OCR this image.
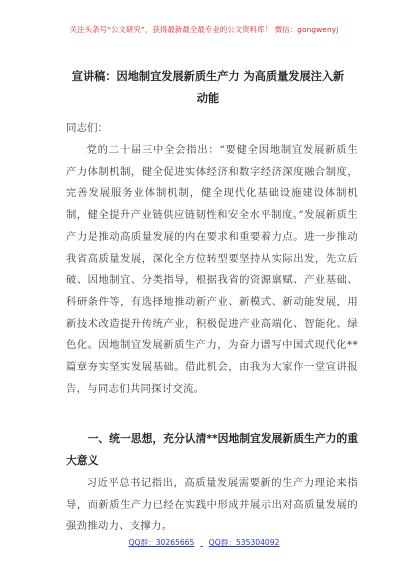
关注头条号“公文研究”，获得最新最全最专业的公文资料库！ 微信：gongwenyj
宣讲稿：因地制宜发展新质生产力 为高质量发展注入新动能
同志们：

党的二十届三中全会指出：“要健全因地制宜发展新质生产力体制机制，健全促进实体经济和数字经济深度融合制度，完善发展服务业体制机制，健全现代化基础设施建设体制机制，健全提升产业链供应链韧性和安全水平制度。”发展新质生产力是推动高质量发展的内在要求和重要着力点。进一步推动我省高质量发展，深化全方位转型要坚持从实际出发，先立后破、因地制宜、分类指导，根据我省的资源禀赋、产业基础、科研条件等，有选择地推动新产业、新模式、新动能发展，用新技术改造提升传统产业，积极促进产业高端化、智能化、绿色化。因地制宜发展新质生产力，为奋力谱写中国式现代化**篇章夯实坚实发展基础。借此机会，由我为大家作一堂宣讲报告，与同志们共同探讨交流。

一、统一思想，充分认清**因地制宜发展新质生产力的重大意义

习近平总书记指出，高质量发展需要新的生产力理论来指导，而新质生产力已经在实践中形成并展示出对高质量发展的强劲推动力、支撑力。

QQ群：30265665 QQ群：535304092
